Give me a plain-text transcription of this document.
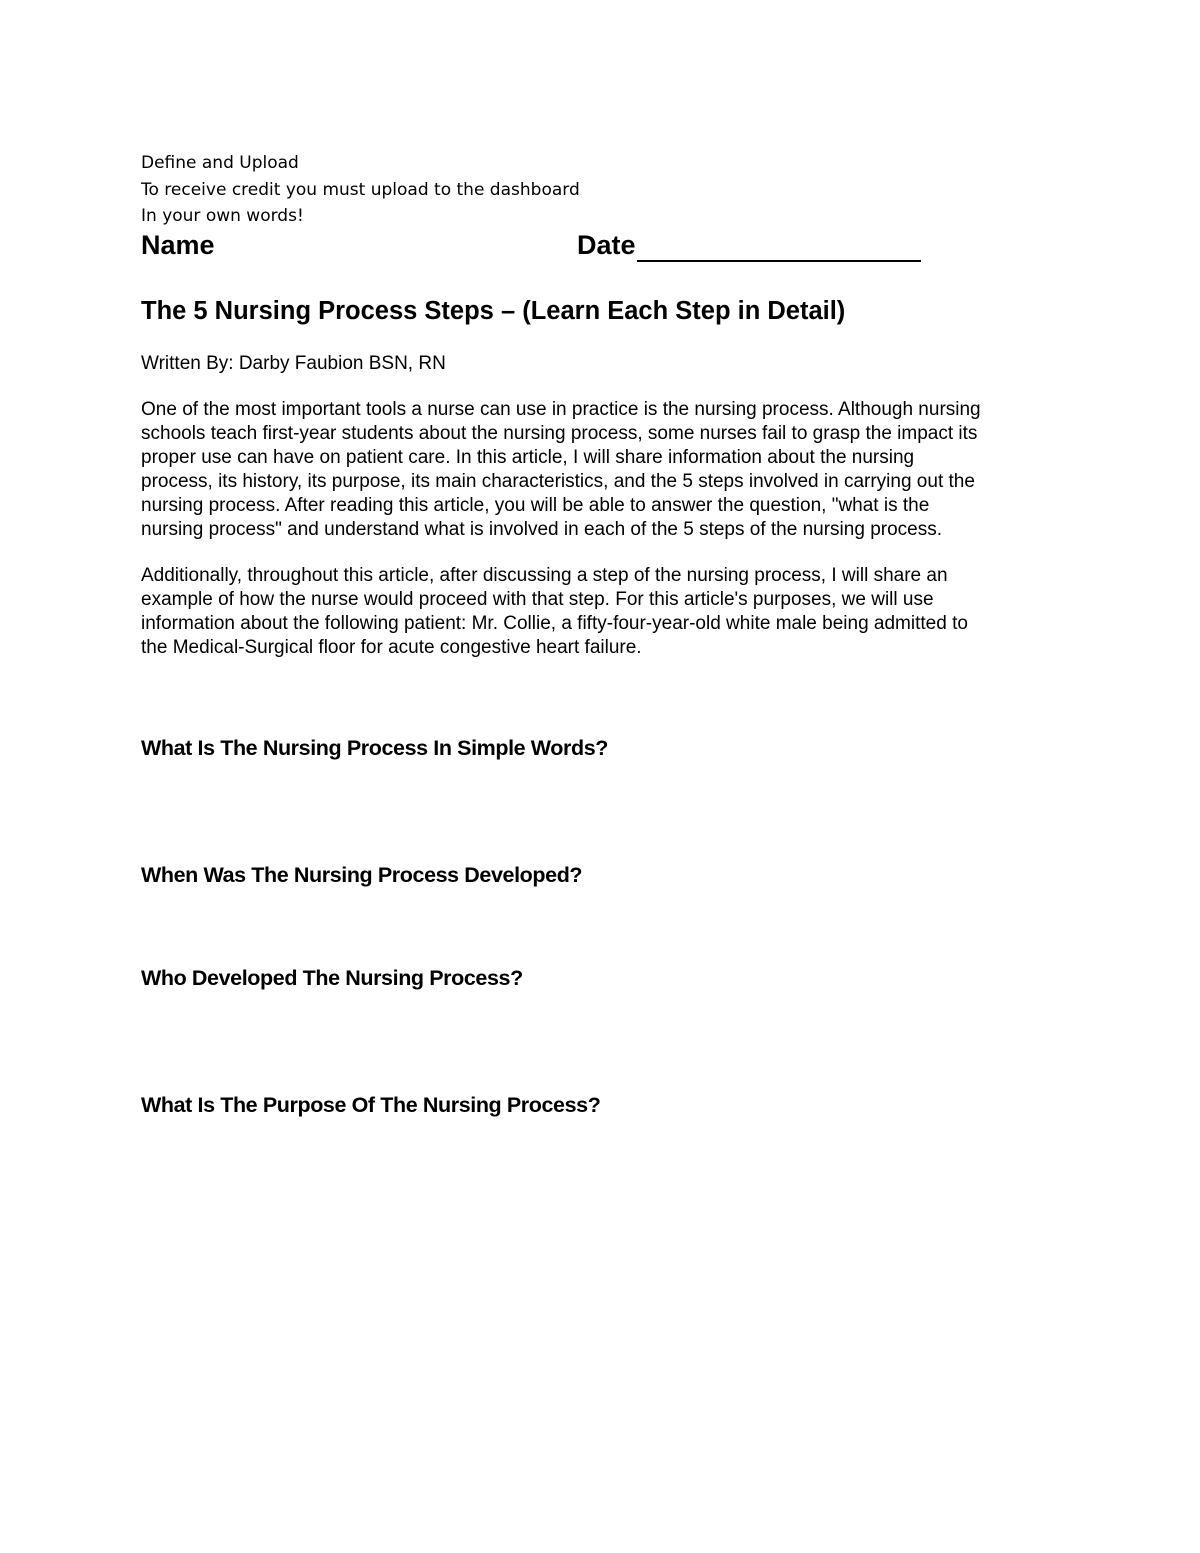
Define and Upload
To receive credit you must upload to the dashboard
In your own words!
Name	Date
The 5 Nursing Process Steps – (Learn Each Step in Detail)
Written By: Darby Faubion BSN, RN

One of the most important tools a nurse can use in practice is the nursing process. Although nursing
schools teach first-year students about the nursing process, some nurses fail to grasp the impact its
proper use can have on patient care. In this article, I will share information about the nursing
process, its history, its purpose, its main characteristics, and the 5 steps involved in carrying out the
nursing process. After reading this article, you will be able to answer the question, "what is the
nursing process" and understand what is involved in each of the 5 steps of the nursing process.

Additionally, throughout this article, after discussing a step of the nursing process, I will share an
example of how the nurse would proceed with that step. For this article's purposes, we will use
information about the following patient: Mr. Collie, a fifty-four-year-old white male being admitted to
the Medical-Surgical floor for acute congestive heart failure.

What Is The Nursing Process In Simple Words?
When Was The Nursing Process Developed?
Who Developed The Nursing Process?
What Is The Purpose Of The Nursing Process?
